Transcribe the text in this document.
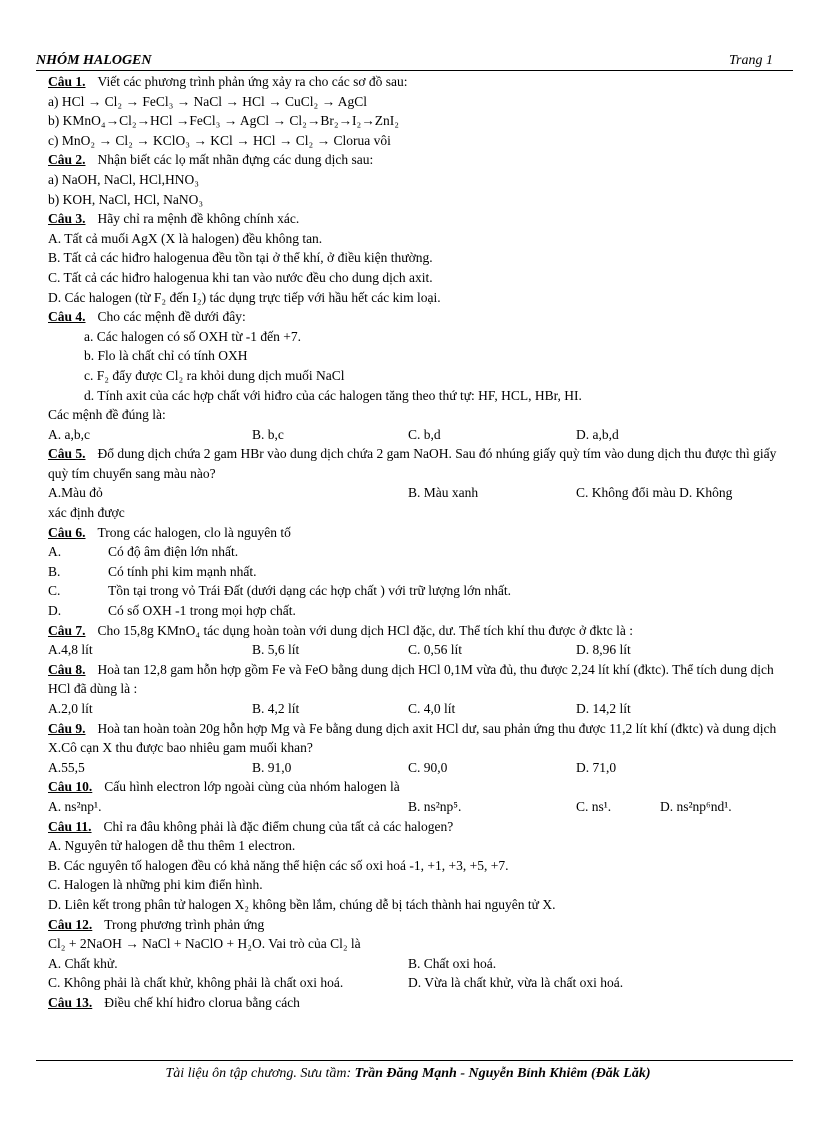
NHÓM HALOGEN	Trang 1
Câu 1. Viết các phương trình phản ứng xảy ra cho các sơ đồ sau:
a) HCl → Cl₂ → FeCl₃ → NaCl → HCl → CuCl₂ → AgCl
b) KMnO₄→Cl₂→HCl →FeCl₃ → AgCl → Cl₂→Br₂→I₂→ZnI₂
c) MnO₂ → Cl₂ → KClO₃ → KCl → HCl → Cl₂ → Clorua vôi
Câu 2. Nhận biết các lọ mất nhãn đựng các dung dịch sau:
a) NaOH, NaCl, HCl,HNO₃
b) KOH, NaCl, HCl, NaNO₃
Câu 3. Hãy chỉ ra mệnh đề không chính xác.
A. Tất cả muối AgX (X là halogen) đều không tan.
B. Tất cả các hiđro halogenua đều tồn tại ở thể khí, ở điều kiện thường.
C. Tất cả các hiđro halogenua khi tan vào nước đều cho dung dịch axit.
D. Các halogen (từ F₂ đến I₂) tác dụng trực tiếp với hầu hết các kim loại.
Câu 4. Cho các mệnh đề dưới đây:
a. Các halogen có số OXH từ -1 đến +7.
b. Flo là chất chỉ có tính OXH
c. F₂ đẩy được Cl₂ ra khỏi dung dịch muối NaCl
d. Tính axit của các hợp chất với hiđro của các halogen tăng theo thứ tự: HF, HCL, HBr, HI.
Các mệnh đề đúng là:
A. a,b,c	B. b,c	C. b,d	D. a,b,d
Câu 5. Đổ dung dịch chứa 2 gam HBr vào dung dịch chứa 2 gam NaOH. Sau đó nhúng giấy quỳ tím vào dung dịch thu được thì giấy quỳ tím chuyển sang màu nào?
A.Màu đỏ	B. Màu xanh	C. Không đổi màu D. Không
xác định được
Câu 6. Trong các halogen, clo là nguyên tố
A.	Có độ âm điện lớn nhất.
B.	Có tính phi kim mạnh nhất.
C.	Tồn tại trong vỏ Trái Đất (dưới dạng các hợp chất ) với trữ lượng lớn nhất.
D.	Có số OXH -1 trong mọi hợp chất.
Câu 7. Cho 15,8g KMnO₄ tác dụng hoàn toàn với dung dịch HCl đặc, dư. Thể tích khí thu được ở đktc là :
A.4,8 lít	B. 5,6 lít	C. 0,56 lít	D. 8,96 lít
Câu 8. Hoà tan 12,8 gam hỗn hợp gồm Fe và FeO bằng dung dịch HCl 0,1M vừa đủ, thu được 2,24 lít khí (đktc). Thể tích dung dịch HCl đã dùng là :
A.2,0 lít	B. 4,2 lít	C. 4,0 lít	D. 14,2 lít
Câu 9. Hoà tan hoàn toàn 20g hỗn hợp Mg và Fe bằng dung dịch axit HCl dư, sau phản ứng thu được 11,2 lít khí (đktc) và dung dịch X.Cô cạn X thu được bao nhiêu gam muối khan?
A.55,5	B. 91,0	C. 90,0	D. 71,0
Câu 10. Cấu hình electron lớp ngoài cùng của nhóm halogen là
A. ns²np¹.	B. ns²np⁵.	C. ns¹.	D. ns²np⁶nd¹.
Câu 11. Chỉ ra đâu không phải là đặc điểm chung của tất cả các halogen?
A. Nguyên tử halogen dễ thu thêm 1 electron.
B. Các nguyên tố halogen đều có khả năng thể hiện các số oxi hoá -1, +1, +3, +5, +7.
C. Halogen là những phi kim điển hình.
D. Liên kết trong phân tử halogen X₂ không bền lắm, chúng dễ bị tách thành hai nguyên tử X.
Câu 12. Trong phương trình phản ứng
Cl₂ + 2NaOH → NaCl + NaClO + H₂O. Vai trò của Cl₂ là
A. Chất khử.	B. Chất oxi hoá.
C. Không phải là chất khử, không phải là chất oxi hoá.	D. Vừa là chất khử, vừa là chất oxi hoá.
Câu 13. Điều chế khí hiđro clorua bằng cách
Tài liệu ôn tập chương. Sưu tầm: Trần Đăng Mạnh - Nguyễn Bỉnh Khiêm (Đăk Lăk)
